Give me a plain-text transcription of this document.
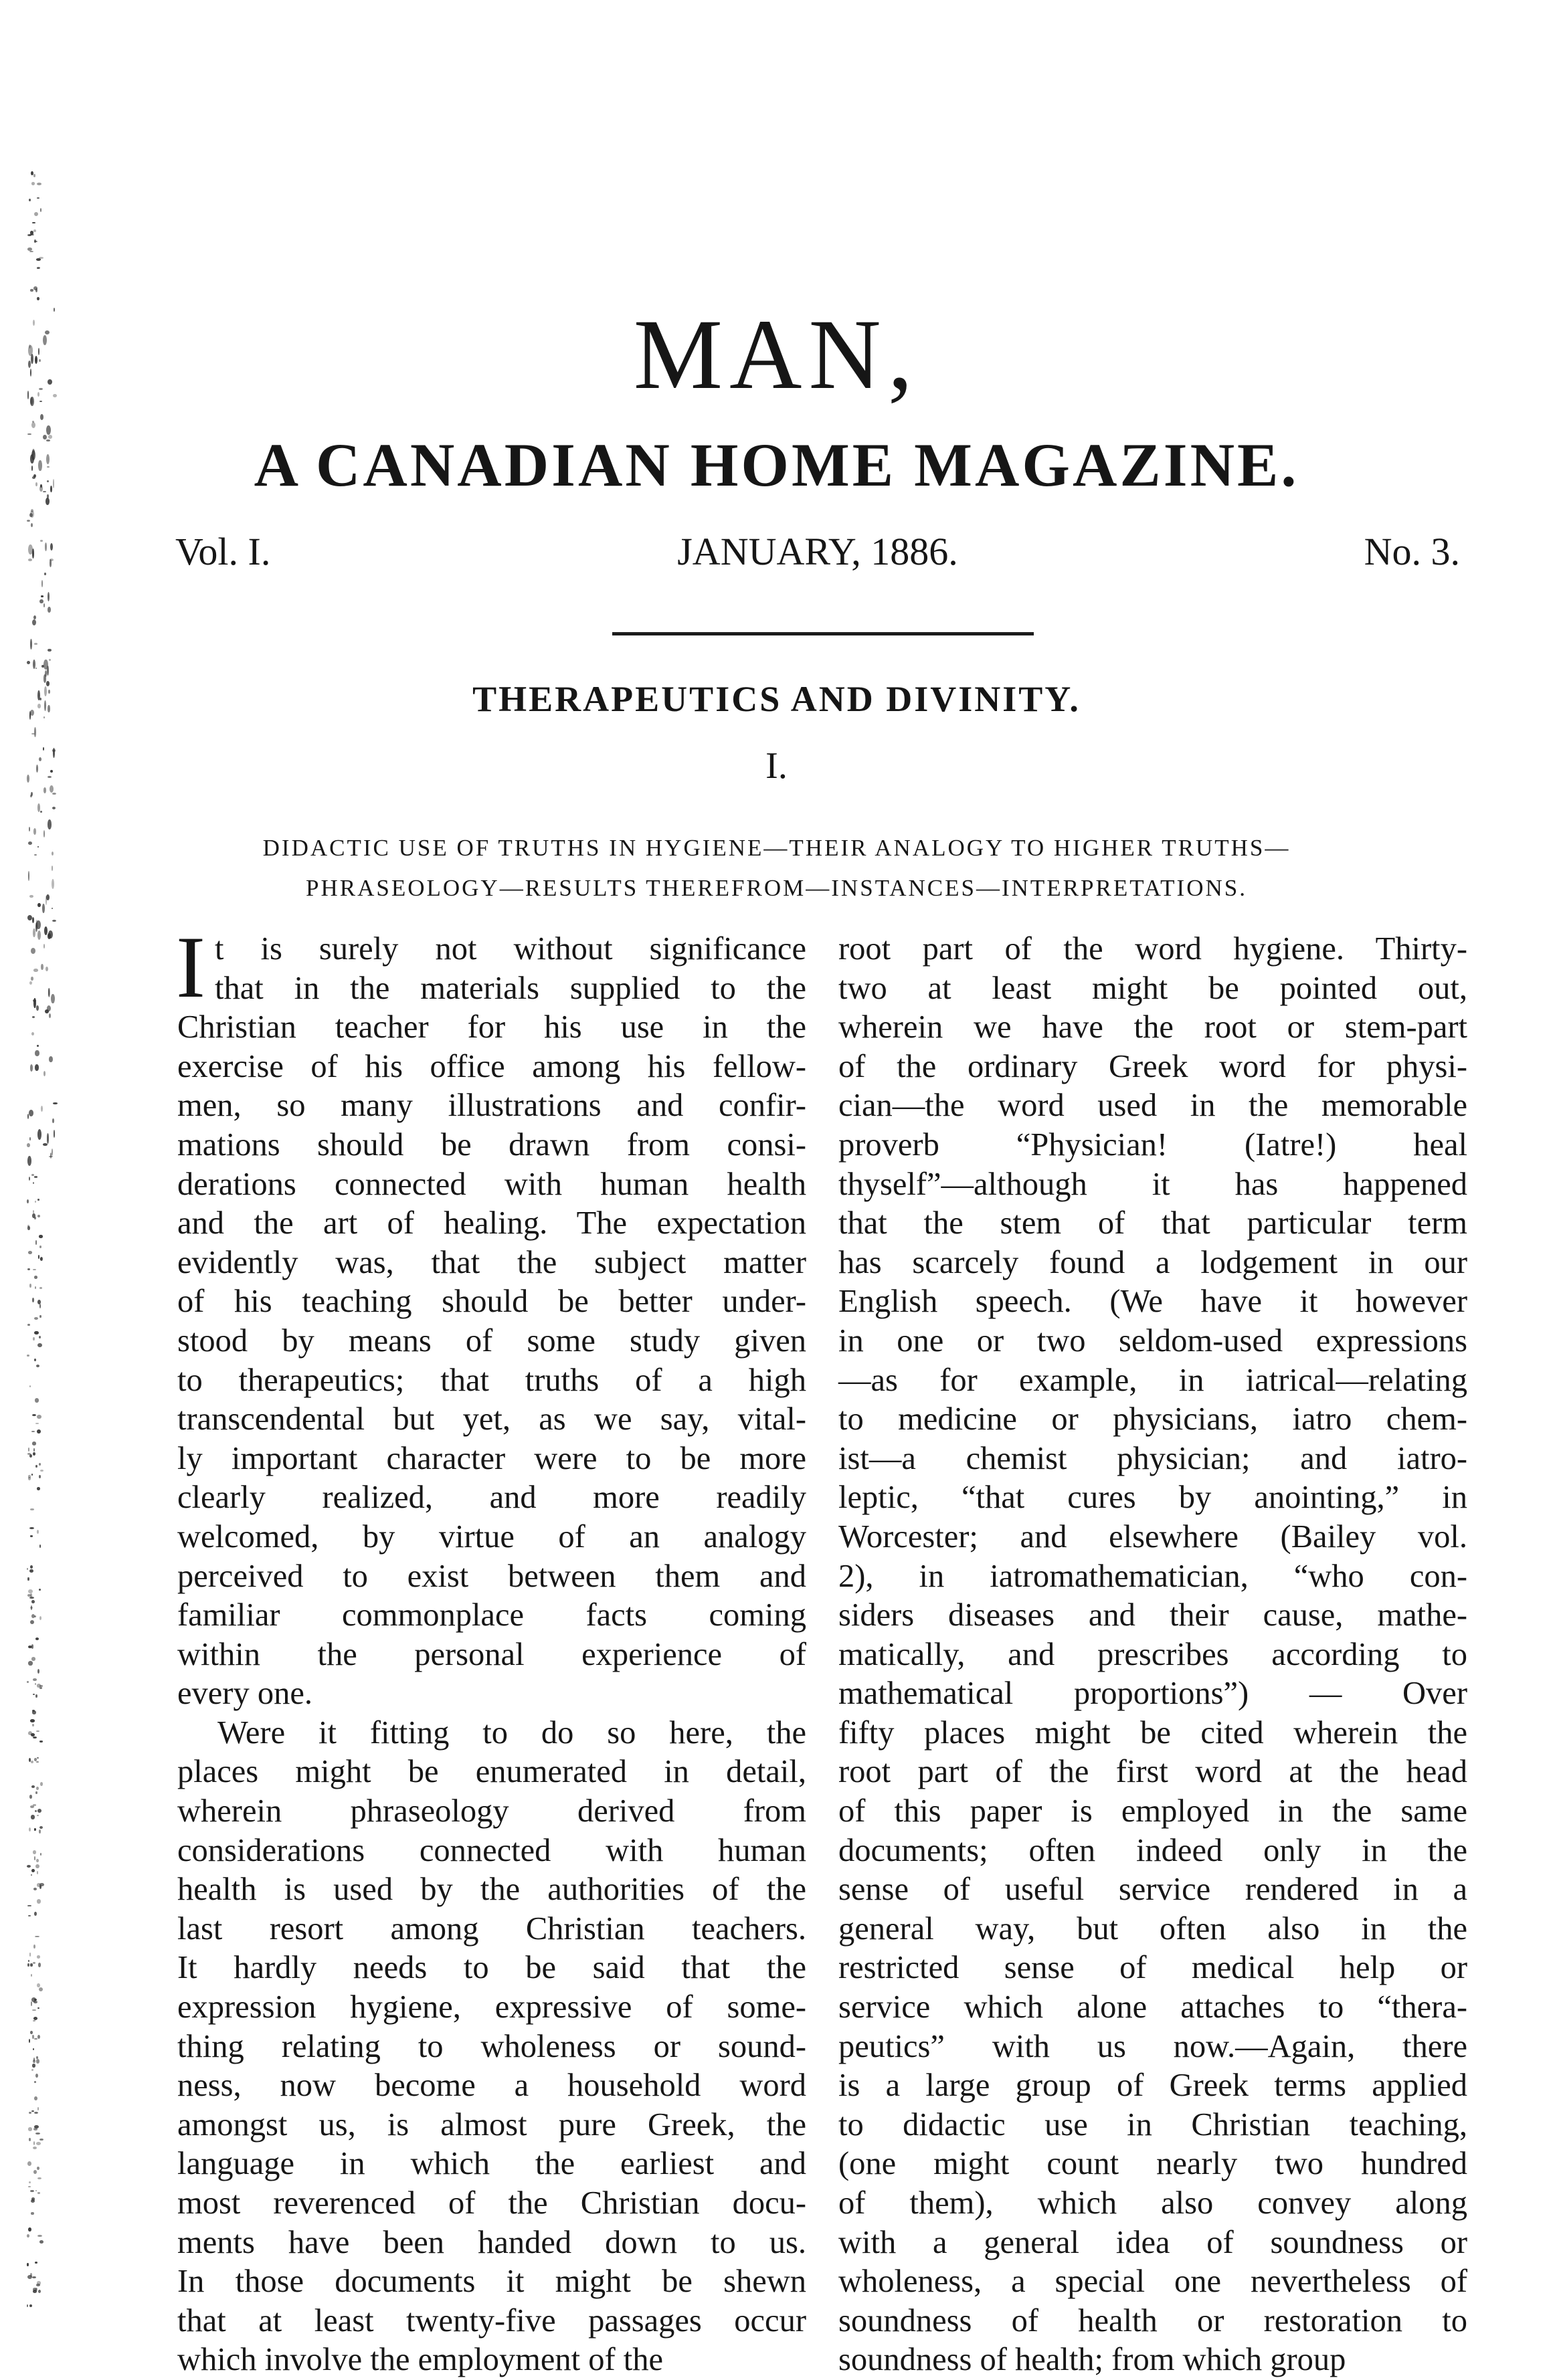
MAN,
A CANADIAN HOME MAGAZINE.
JANUARY, 1886.
Vol. I.	No. 3.
THERAPEUTICS AND DIVINITY.
I.
DIDACTIC USE OF TRUTHS IN HYGIENE—THEIR ANALOGY TO HIGHER TRUTHS—
PHRASEOLOGY—RESULTS THEREFROM—INSTANCES—INTERPRETATIONS.
I t is surely not without significance
that in the materials supplied to the
Christian teacher for his use in the
exercise of his office among his fellow-
men, so many illustrations and confir-
mations should be drawn from consi-
derations connected with human health
and the art of healing. The expectation
evidently was, that the subject matter
of his teaching should be better under-
stood by means of some study given
to therapeutics; that truths of a high
transcendental but yet, as we say, vital-
ly important character were to be more
clearly realized, and more readily
welcomed, by virtue of an analogy
perceived to exist between them and
familiar commonplace facts coming
within the personal experience of
every one.
Were it fitting to do so here, the
places might be enumerated in detail,
wherein phraseology derived from
considerations connected with human
health is used by the authorities of the
last resort among Christian teachers.
It hardly needs to be said that the
expression hygiene, expressive of some-
thing relating to wholeness or sound-
ness, now become a household word
amongst us, is almost pure Greek, the
language in which the earliest and
most reverenced of the Christian docu-
ments have been handed down to us.
In those documents it might be shewn
that at least twenty-five passages occur
which involve the employment of the
root part of the word hygiene. Thirty-
two at least might be pointed out,
wherein we have the root or stem-part
of the ordinary Greek word for physi-
cian—the word used in the memorable
proverb “Physician! (Iatre!) heal
thyself”—although it has happened
that the stem of that particular term
has scarcely found a lodgement in our
English speech. (We have it however
in one or two seldom-used expressions
—as for example, in iatrical—relating
to medicine or physicians, iatro chem-
ist—a chemist physician; and iatro-
leptic, “that cures by anointing,” in
Worcester; and elsewhere (Bailey vol.
2), in iatromathematician, “who con-
siders diseases and their cause, mathe-
matically, and prescribes according to
mathematical proportions”) — Over
fifty places might be cited wherein the
root part of the first word at the head
of this paper is employed in the same
documents; often indeed only in the
sense of useful service rendered in a
general way, but often also in the
restricted sense of medical help or
service which alone attaches to “thera-
peutics” with us now.—Again, there
is a large group of Greek terms applied
to didactic use in Christian teaching,
(one might count nearly two hundred
of them), which also convey along
with a general idea of soundness or
wholeness, a special one nevertheless of
soundness of health or restoration to
soundness of health; from which group
